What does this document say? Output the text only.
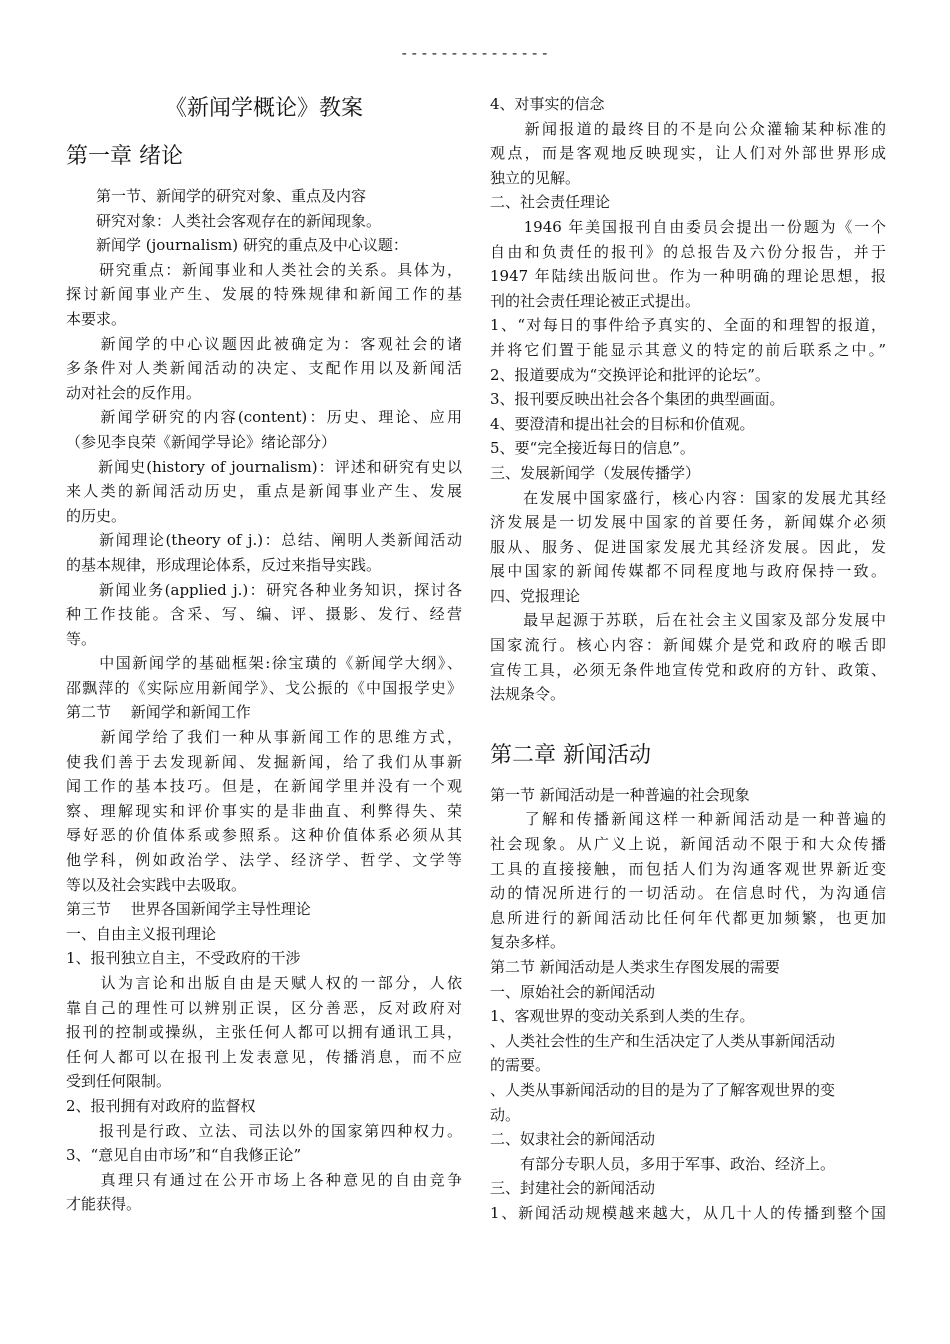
---------------
《新闻学概论》教案
第一章 绪论
　　第一节、新闻学的研究对象、重点及内容
　　研究对象：人类社会客观存在的新闻现象。
　　新闻学 (journalism) 研究的重点及中心议题：
　　研究重点：新闻事业和人类社会的关系。具体为，
探讨新闻事业产生、发展的特殊规律和新闻工作的基
本要求。
　　新闻学的中心议题因此被确定为：客观社会的诸
多条件对人类新闻活动的决定、支配作用以及新闻活
动对社会的反作用。
　　新闻学研究的内容(content)：历史、理论、应用
（参见李良荣《新闻学导论》绪论部分）
　　新闻史(history of journalism)：评述和研究有史以
来人类的新闻活动历史，重点是新闻事业产生、发展
的历史。
　　新闻理论(theory of j.)：总结、阐明人类新闻活动
的基本规律，形成理论体系，反过来指导实践。
　　新闻业务(applied j.)：研究各种业务知识，探讨各
种工作技能。含采、写、编、评、摄影、发行、经营
等。
　　中国新闻学的基础框架:徐宝璜的《新闻学大纲》、
邵飘萍的《实际应用新闻学》、戈公振的《中国报学史》
第二节　 新闻学和新闻工作
　　新闻学给了我们一种从事新闻工作的思维方式，
使我们善于去发现新闻、发掘新闻，给了我们从事新
闻工作的基本技巧。但是，在新闻学里并没有一个观
察、理解现实和评价事实的是非曲直、利弊得失、荣
辱好恶的价值体系或参照系。这种价值体系必须从其
他学科，例如政治学、法学、经济学、哲学、文学等
等以及社会实践中去吸取。
第三节　 世界各国新闻学主导性理论
一、自由主义报刊理论
1、报刊独立自主，不受政府的干涉
　　认为言论和出版自由是天赋人权的一部分，人依
靠自己的理性可以辨别正误，区分善恶，反对政府对
报刊的控制或操纵，主张任何人都可以拥有通讯工具，
任何人都可以在报刊上发表意见，传播消息，而不应
受到任何限制。
2、报刊拥有对政府的监督权
　　报刊是行政、立法、司法以外的国家第四种权力。
3、“意见自由市场”和“自我修正论”
　　真理只有通过在公开市场上各种意见的自由竞争
才能获得。
4、对事实的信念
　　新闻报道的最终目的不是向公众灌输某种标准的
观点，而是客观地反映现实，让人们对外部世界形成
独立的见解。
二、社会责任理论
　　1946 年美国报刊自由委员会提出一份题为《一个
自由和负责任的报刊》的总报告及六份分报告，并于
1947 年陆续出版问世。作为一种明确的理论思想，报
刊的社会责任理论被正式提出。
1、“对每日的事件给予真实的、全面的和理智的报道，
并将它们置于能显示其意义的特定的前后联系之中。”
2、报道要成为“交换评论和批评的论坛”。
3、报刊要反映出社会各个集团的典型画面。
4、要澄清和提出社会的目标和价值观。
5、要“完全接近每日的信息”。
三、发展新闻学（发展传播学）
　　在发展中国家盛行，核心内容：国家的发展尤其经
济发展是一切发展中国家的首要任务，新闻媒介必须
服从、服务、促进国家发展尤其经济发展。因此，发
展中国家的新闻传媒都不同程度地与政府保持一致。
四、党报理论
　　最早起源于苏联，后在社会主义国家及部分发展中
国家流行。核心内容：新闻媒介是党和政府的喉舌即
宣传工具，必须无条件地宣传党和政府的方针、政策、
法规条令。
第二章 新闻活动
第一节 新闻活动是一种普遍的社会现象
　　了解和传播新闻这样一种新闻活动是一种普遍的
社会现象。从广义上说，新闻活动不限于和大众传播
工具的直接接触，而包括人们为沟通客观世界新近变
动的情况所进行的一切活动。在信息时代，为沟通信
息所进行的新闻活动比任何年代都更加频繁，也更加
复杂多样。
第二节 新闻活动是人类求生存图发展的需要
一、原始社会的新闻活动
1、客观世界的变动关系到人类的生存。
、人类社会性的生产和生活决定了人类从事新闻活动
的需要。
、人类从事新闻活动的目的是为了了解客观世界的变
动。
二、奴隶社会的新闻活动
　　有部分专职人员，多用于军事、政治、经济上。
三、封建社会的新闻活动
1、新闻活动规模越来越大，从几十人的传播到整个国
